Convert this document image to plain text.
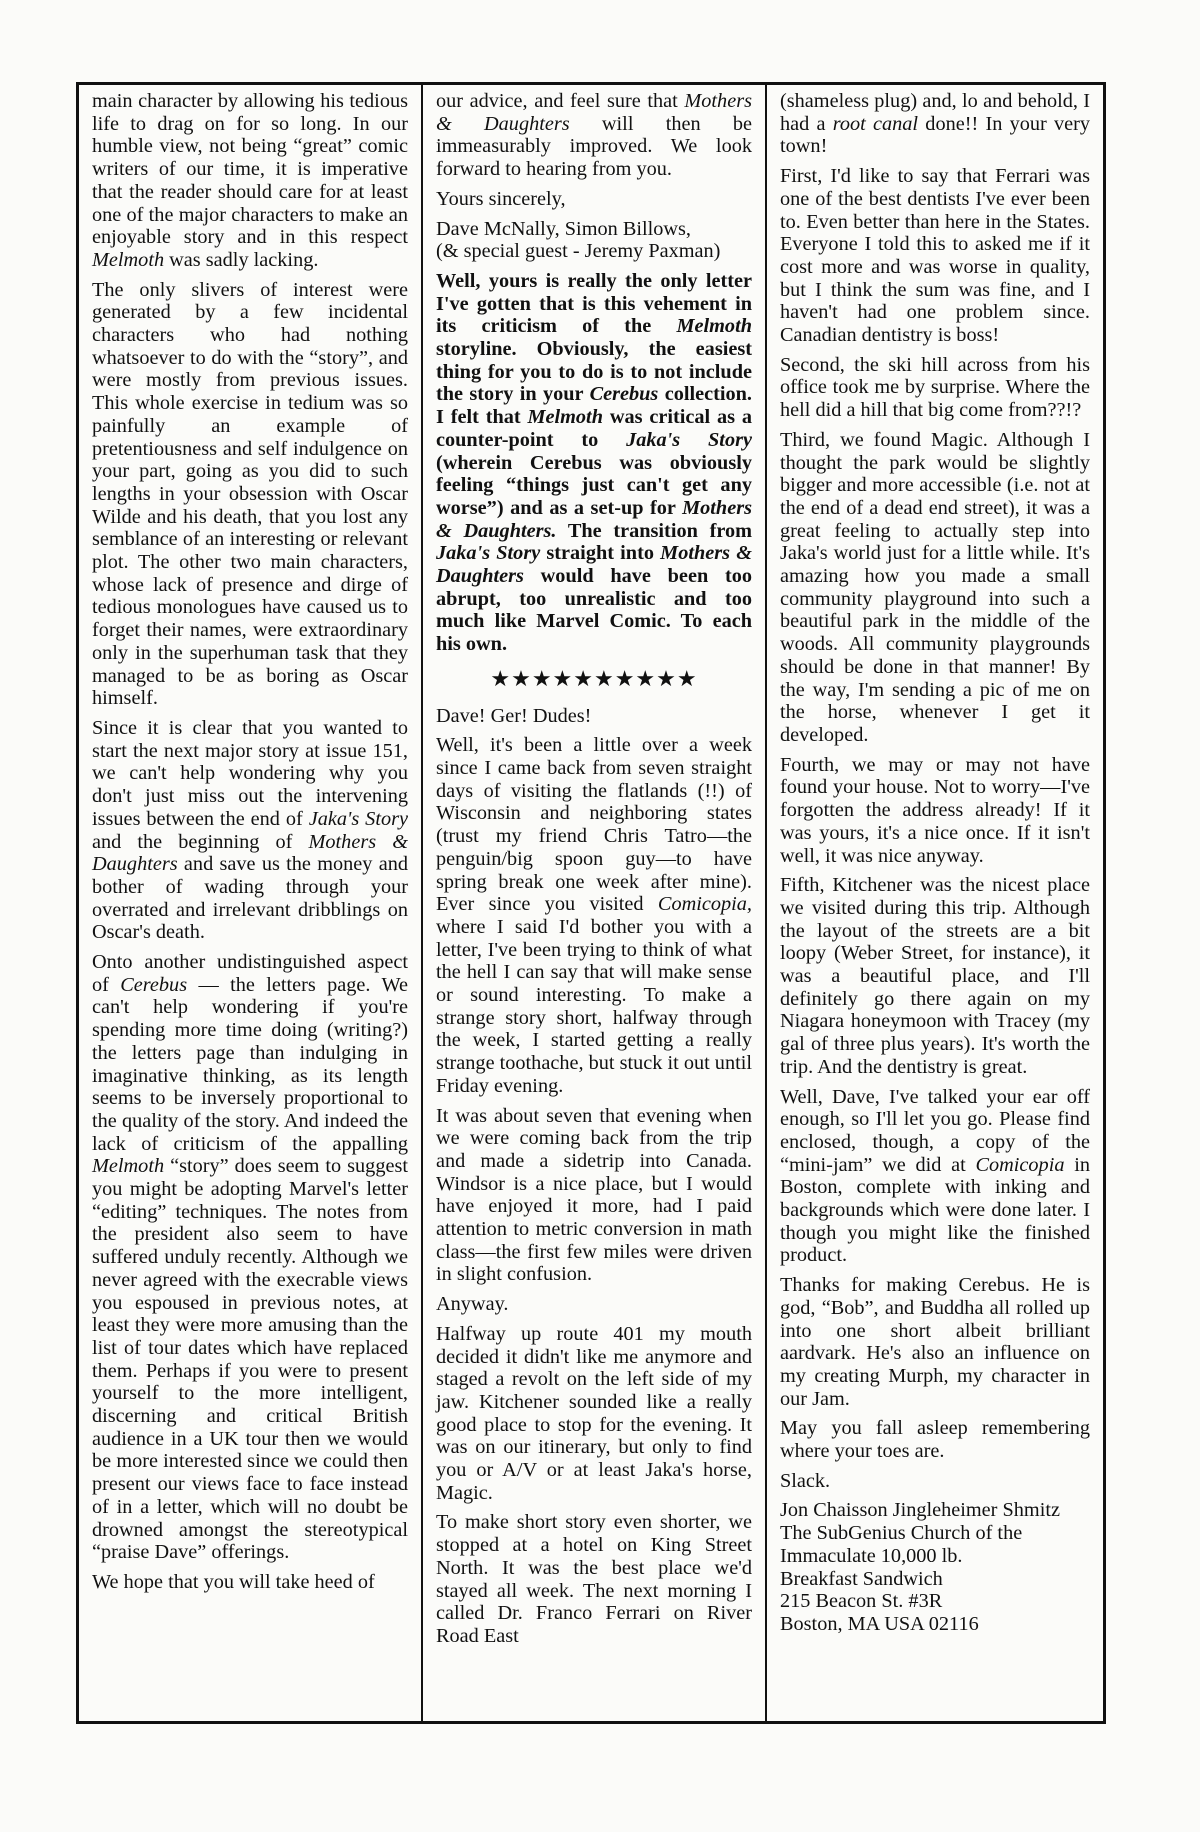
main character by allowing his tedious life to drag on for so long. In our humble view, not being “great” comic writers of our time, it is imperative that the reader should care for at least one of the major characters to make an enjoyable story and in this respect Melmoth was sadly lacking.

The only slivers of interest were generated by a few incidental characters who had nothing whatsoever to do with the “story”, and were mostly from previous issues. This whole exercise in tedium was so painfully an example of pretentiousness and self indulgence on your part, going as you did to such lengths in your obsession with Oscar Wilde and his death, that you lost any semblance of an interesting or relevant plot. The other two main characters, whose lack of presence and dirge of tedious monologues have caused us to forget their names, were extraordinary only in the superhuman task that they managed to be as boring as Oscar himself.

Since it is clear that you wanted to start the next major story at issue 151, we can't help wondering why you don't just miss out the intervening issues between the end of Jaka's Story and the beginning of Mothers & Daughters and save us the money and bother of wading through your overrated and irrelevant dribblings on Oscar's death.

Onto another undistinguished aspect of Cerebus — the letters page. We can't help wondering if you're spending more time doing (writing?) the letters page than indulging in imaginative thinking, as its length seems to be inversely proportional to the quality of the story. And indeed the lack of criticism of the appalling Melmoth “story” does seem to suggest you might be adopting Marvel's letter “editing” techniques. The notes from the president also seem to have suffered unduly recently. Although we never agreed with the execrable views you espoused in previous notes, at least they were more amusing than the list of tour dates which have replaced them. Perhaps if you were to present yourself to the more intelligent, discerning and critical British audience in a UK tour then we would be more interested since we could then present our views face to face instead of in a letter, which will no doubt be drowned amongst the stereotypical “praise Dave” offerings.

We hope that you will take heed of

our advice, and feel sure that Mothers & Daughters will then be immeasurably improved. We look forward to hearing from you.

Yours sincerely,

Dave McNally, Simon Billows,
(& special guest - Jeremy Paxman)

Well, yours is really the only letter I've gotten that is this vehement in its criticism of the Melmoth storyline. Obviously, the easiest thing for you to do is to not include the story in your Cerebus collection. I felt that Melmoth was critical as a counter-point to Jaka's Story (wherein Cerebus was obviously feeling “things just can't get any worse”) and as a set-up for Mothers & Daughters. The transition from Jaka's Story straight into Mothers & Daughters would have been too abrupt, too unrealistic and too much like Marvel Comic. To each his own.

★★★★★★★★★★

Dave! Ger! Dudes!

Well, it's been a little over a week since I came back from seven straight days of visiting the flatlands (!!) of Wisconsin and neighboring states (trust my friend Chris Tatro—the penguin/big spoon guy—to have spring break one week after mine). Ever since you visited Comicopia, where I said I'd bother you with a letter, I've been trying to think of what the hell I can say that will make sense or sound interesting. To make a strange story short, halfway through the week, I started getting a really strange toothache, but stuck it out until Friday evening.

It was about seven that evening when we were coming back from the trip and made a sidetrip into Canada. Windsor is a nice place, but I would have enjoyed it more, had I paid attention to metric conversion in math class—the first few miles were driven in slight confusion.

Anyway.

Halfway up route 401 my mouth decided it didn't like me anymore and staged a revolt on the left side of my jaw. Kitchener sounded like a really good place to stop for the evening. It was on our itinerary, but only to find you or A/V or at least Jaka's horse, Magic.

To make short story even shorter, we stopped at a hotel on King Street North. It was the best place we'd stayed all week. The next morning I called Dr. Franco Ferrari on River Road East

(shameless plug) and, lo and behold, I had a root canal done!! In your very town!

First, I'd like to say that Ferrari was one of the best dentists I've ever been to. Even better than here in the States. Everyone I told this to asked me if it cost more and was worse in quality, but I think the sum was fine, and I haven't had one problem since. Canadian dentistry is boss!

Second, the ski hill across from his office took me by surprise. Where the hell did a hill that big come from??!?

Third, we found Magic. Although I thought the park would be slightly bigger and more accessible (i.e. not at the end of a dead end street), it was a great feeling to actually step into Jaka's world just for a little while. It's amazing how you made a small community playground into such a beautiful park in the middle of the woods. All community playgrounds should be done in that manner! By the way, I'm sending a pic of me on the horse, whenever I get it developed.

Fourth, we may or may not have found your house. Not to worry—I've forgotten the address already! If it was yours, it's a nice once. If it isn't well, it was nice anyway.

Fifth, Kitchener was the nicest place we visited during this trip. Although the layout of the streets are a bit loopy (Weber Street, for instance), it was a beautiful place, and I'll definitely go there again on my Niagara honeymoon with Tracey (my gal of three plus years). It's worth the trip. And the dentistry is great.

Well, Dave, I've talked your ear off enough, so I'll let you go. Please find enclosed, though, a copy of the “mini-jam” we did at Comicopia in Boston, complete with inking and backgrounds which were done later. I though you might like the finished product.

Thanks for making Cerebus. He is god, “Bob”, and Buddha all rolled up into one short albeit brilliant aardvark. He's also an influence on my creating Murph, my character in our Jam.

May you fall asleep remembering where your toes are.

Slack.

Jon Chaisson Jingleheimer Shmitz
The SubGenius Church of the
Immaculate 10,000 lb.
Breakfast Sandwich
215 Beacon St. #3R
Boston, MA USA 02116
